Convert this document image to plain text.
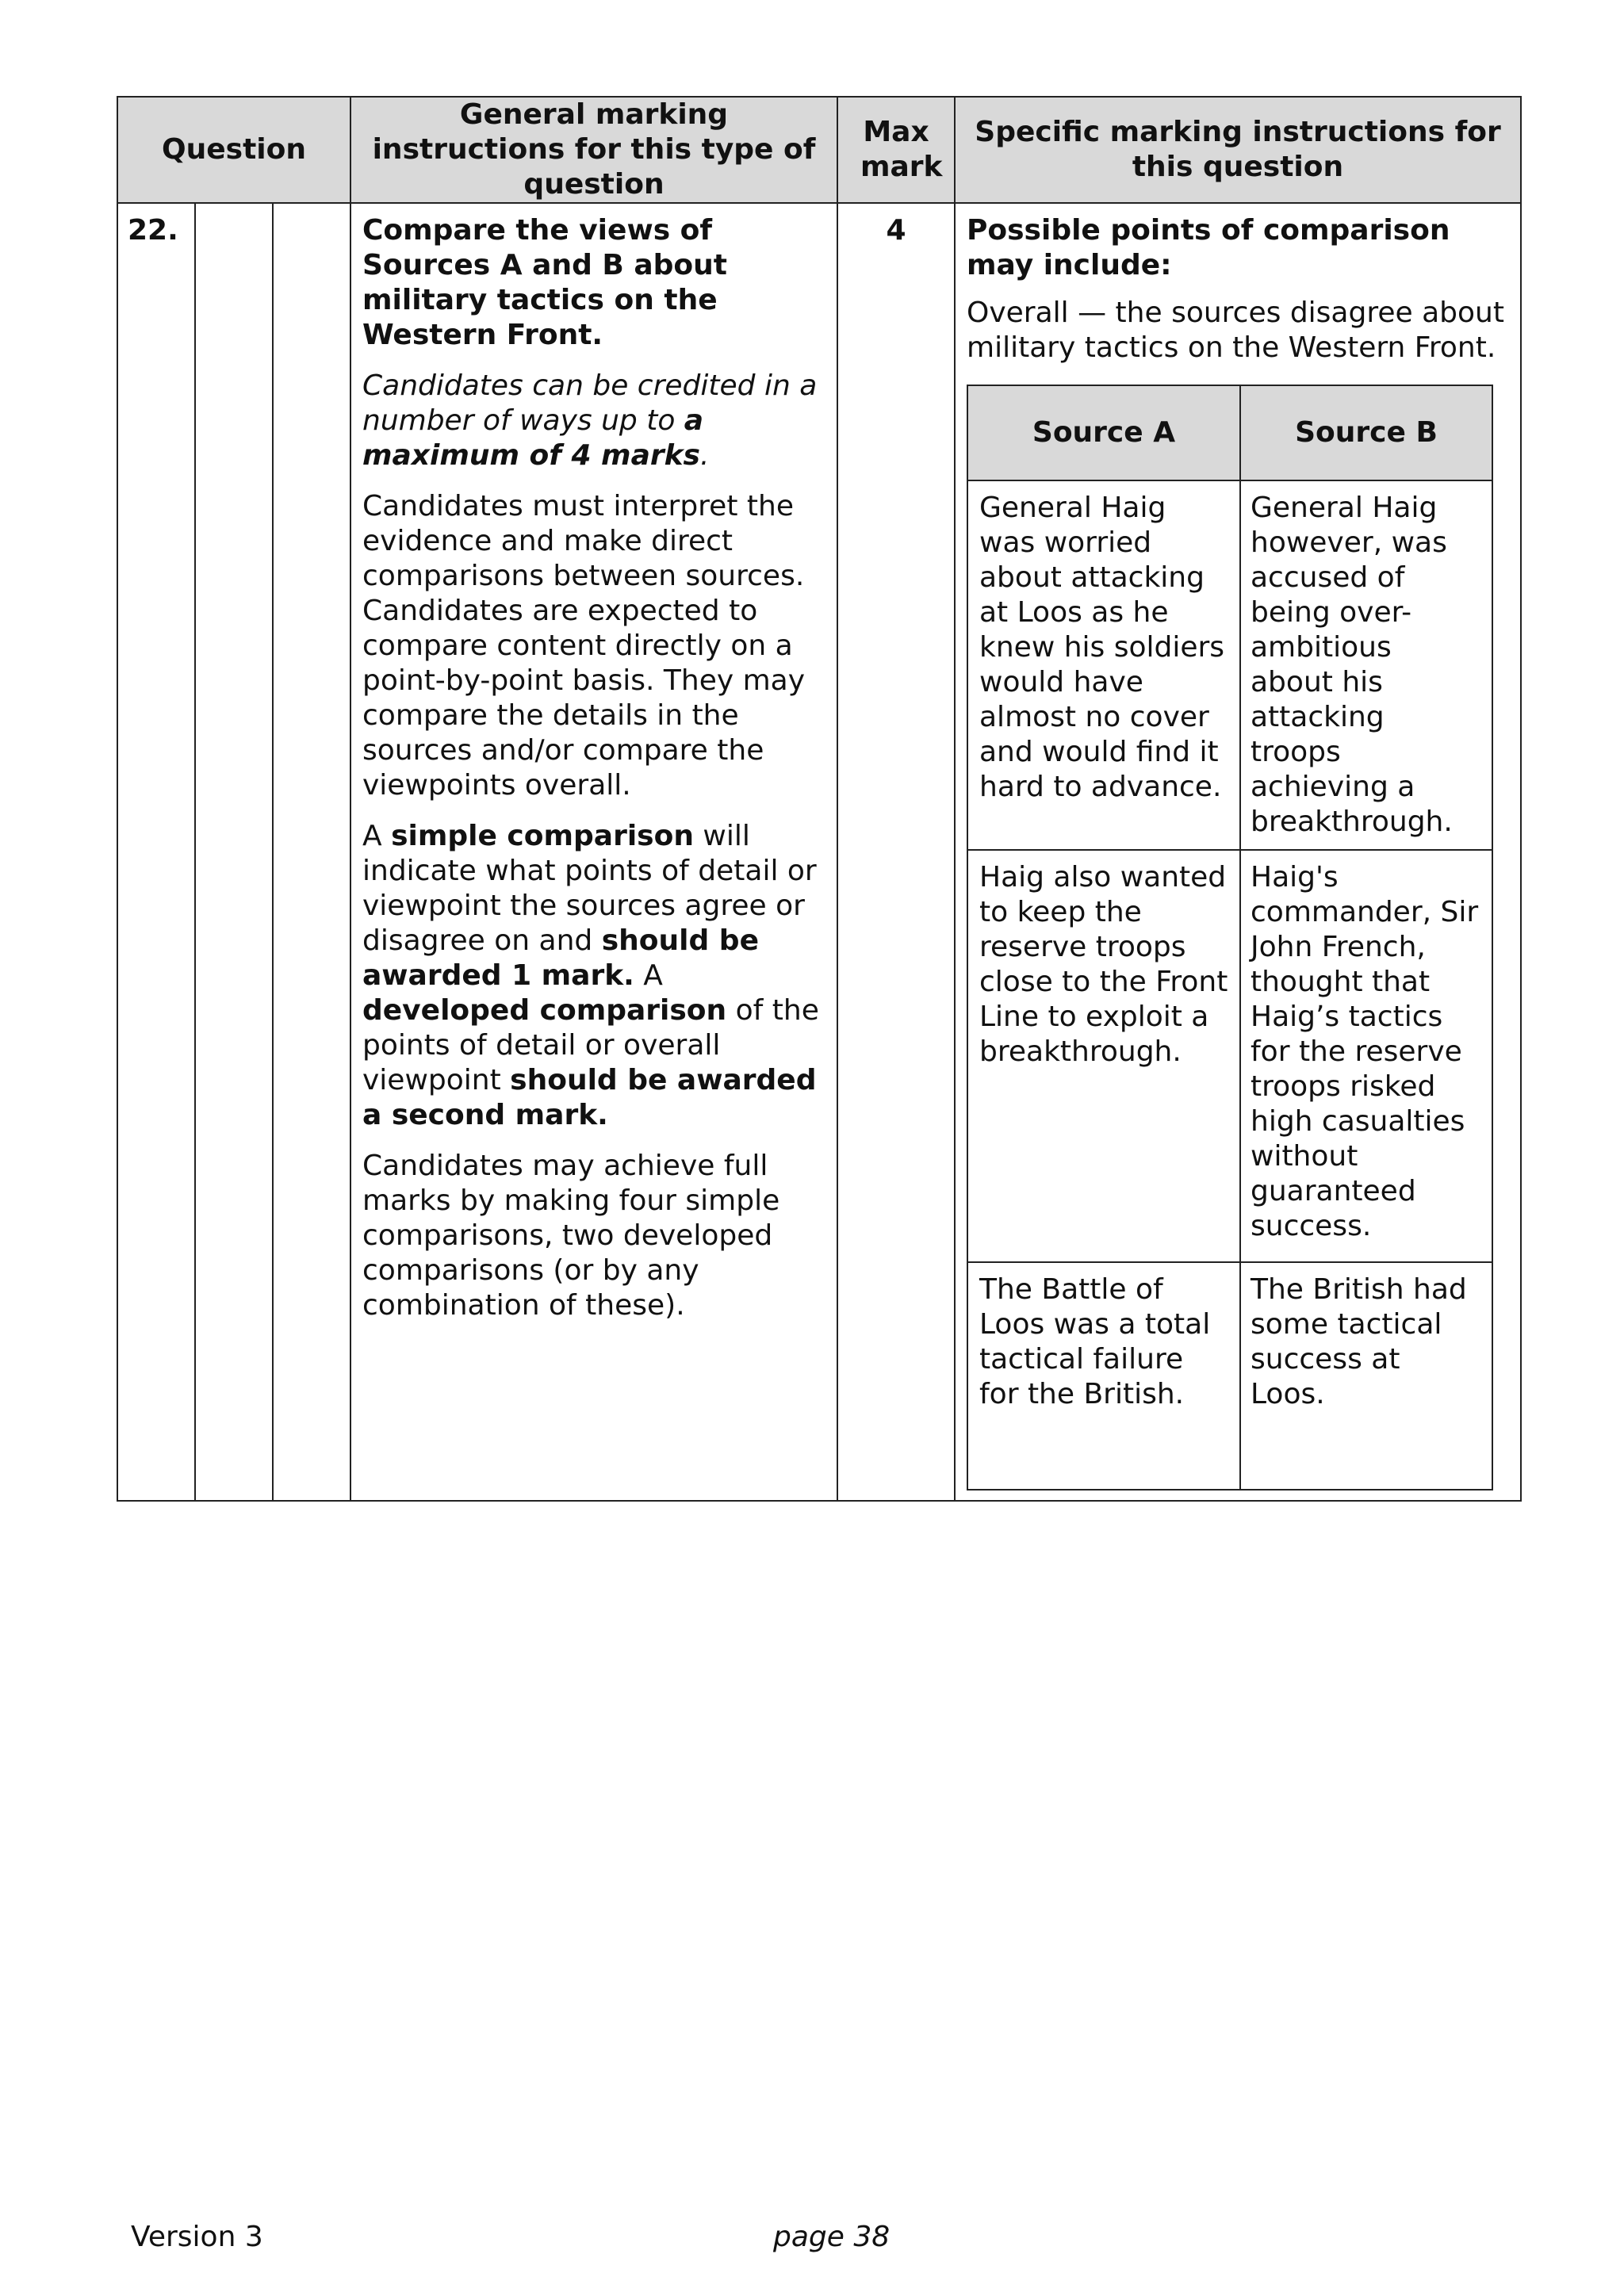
Question	General marking instructions for this type of question	Max mark	Specific marking instructions for this question
22.			Compare the views of Sources A and B about military tactics on the Western Front.

Candidates can be credited in a number of ways up to a maximum of 4 marks.

Candidates must interpret the evidence and make direct comparisons between sources. Candidates are expected to compare content directly on a point-by-point basis. They may compare the details in the sources and/or compare the viewpoints overall.

A simple comparison will indicate what points of detail or viewpoint the sources agree or disagree on and should be awarded 1 mark. A developed comparison of the points of detail or overall viewpoint should be awarded a second mark.

Candidates may achieve full marks by making four simple comparisons, two developed comparisons (or by any combination of these).

	4	Possible points of comparison may include:

Overall — the sources disagree about military tactics on the Western Front.

Source A	Source B
General Haig was worried about attacking at Loos as he knew his soldiers would have almost no cover and would find it hard to advance.	General Haig however, was accused of being over-ambitious about his attacking troops achieving a breakthrough.
Haig also wanted to keep the reserve troops close to the Front Line to exploit a breakthrough.	Haig's commander, Sir John French, thought that Haig’s tactics for the reserve troops risked high casualties without guaranteed success.
The Battle of Loos was a total tactical failure for the British.	The British had some tactical success at Loos.
Version 3	page 38
